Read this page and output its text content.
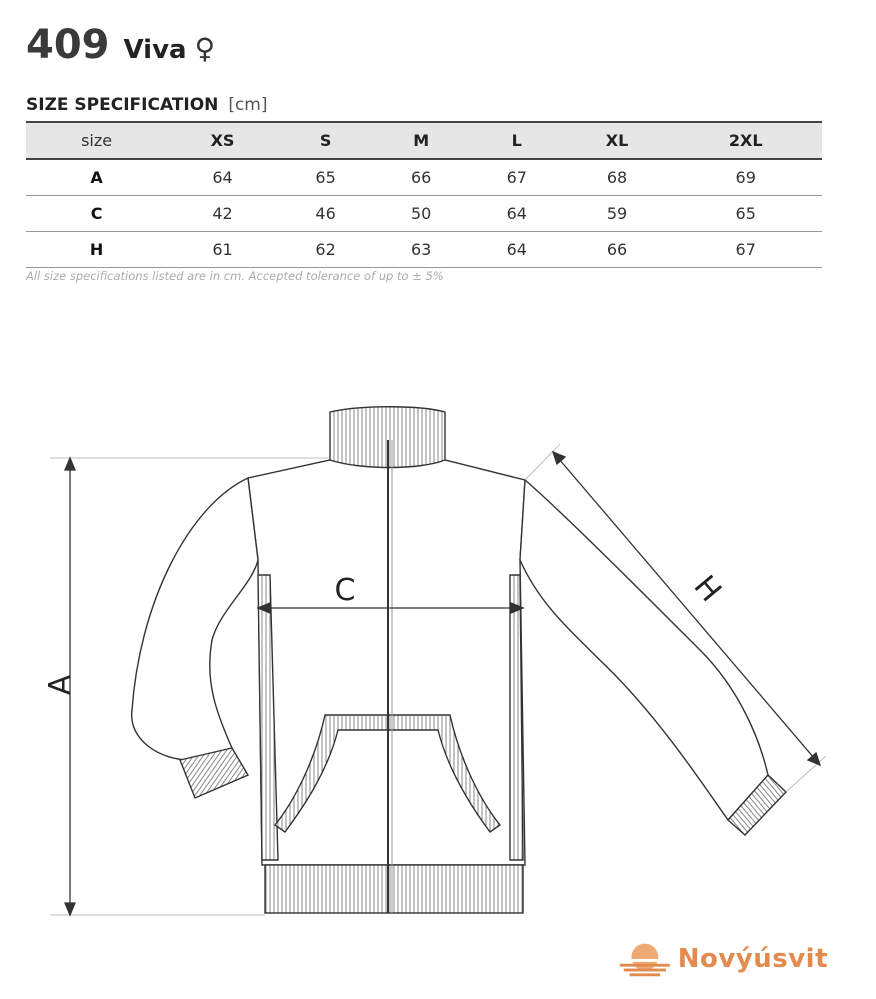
409 Viva ♀
SIZE SPECIFICATION [cm]
size	XS	S	M	L	XL	2XL
A	64	65	66	67	68	69
C	42	46	50	64	59	65
H	61	62	63	64	66	67
All size specifications listed are in cm. Accepted tolerance of up to ± 5%
A
C	H
Novýúsvit
